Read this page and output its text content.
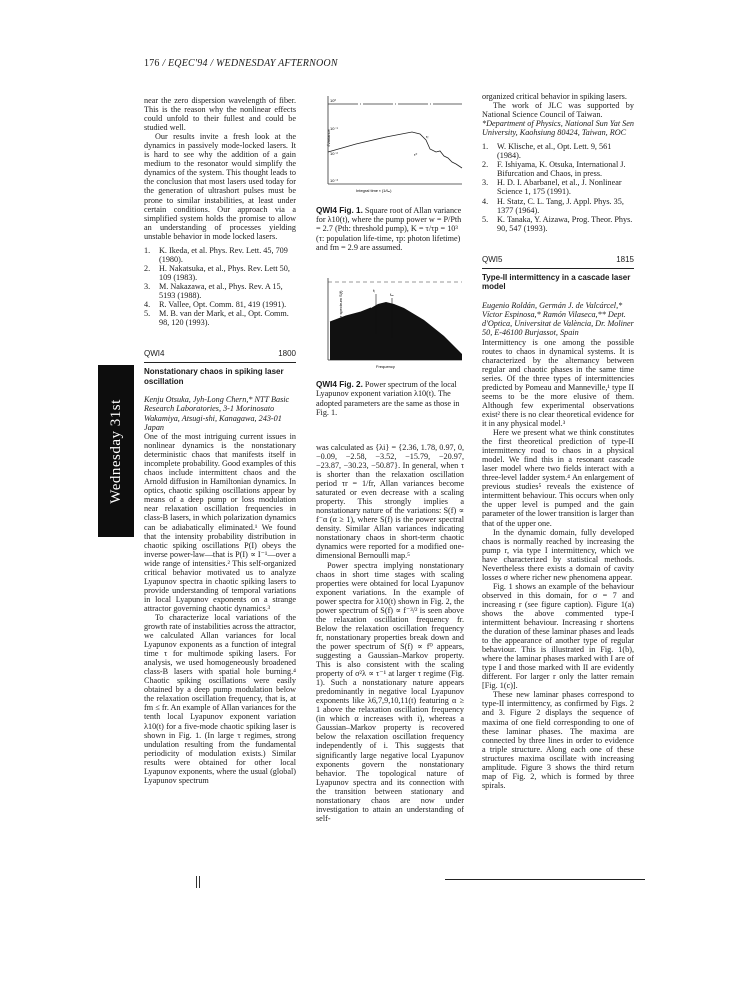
176 / EQEC'94 / WEDNESDAY AFTERNOON
Wednesday 31st

near the zero dispersion wavelength of fiber. This is the reason why the nonlinear effects could unfold to their fullest and could be studied well.

Our results invite a fresh look at the dynamics in passively mode-locked lasers. It is hard to see why the addition of a gain medium to the resonator would simplify the dynamics of the system. This thought leads to the conclusion that most lasers used today for the generation of ultrashort pulses must be prone to similar instabilities, at least under certain conditions. Our approach via a simplified system holds the promise to allow an understanding of processes yielding unstable behavior in mode locked lasers.

1. K. Ikeda, et al. Phys. Rev. Lett. 45, 709 (1980).
2. H. Nakatsuka, et al., Phys. Rev. Lett 50, 109 (1983).
3. M. Nakazawa, et al., Phys. Rev. A 15, 5193 (1988).
4. R. Vallee, Opt. Comm. 81, 419 (1991).
5. M. B. van der Mark, et al., Opt. Comm. 98, 120 (1993).
QWI4	1800
Nonstationary chaos in spiking laser oscillation
Kenju Otsuka, Jyh-Long Chern,* NTT Basic Research Laboratories, 3-1 Morinosato Wakamiya, Atsugi-shi, Kanagawa, 243-01 Japan

One of the most intriguing current issues in nonlinear dynamics is the nonstationary deterministic chaos that manifests itself in incomplete probability. Good examples of this chaos include intermittent chaos and the Arnold diffusion in Hamiltonian dynamics. In optics, chaotic spiking oscillations appear by means of a deep pump or loss modulation near relaxation oscillation frequencies in class-B lasers, in which polarization dynamics can be adiabatically eliminated.¹ We found that the intensity probability distribution in chaotic spiking oscillations P(I) obeys the inverse power-law—that is P(I) ∝ I⁻¹—over a wide range of intensities.² This self-organized critical behavior motivated us to analyze Lyapunov spectra in chaotic spiking lasers to provide understanding of temporal variations in local Lyapunov exponents on a strange attractor governing chaotic dynamics.³

To characterize local variations of the growth rate of instabilities across the attractor, we calculated Allan variances for local Lyapunov exponents as a function of integral time τ for multimode spiking lasers. For analysis, we used homogeneously broadened class-B lasers with spatial hole burning.⁴ Chaotic spiking oscillations were easily obtained by a deep pump modulation below the relaxation oscillation frequency, that is, at fm ≤ fr. An example of Allan variances for the tenth local Lyapunov exponent variation λ10(t) for a five-mode chaotic spiking laser is shown in Fig. 1. (In large τ regimes, strong undulation resulting from the fundamental periodicity of modulation exists.) Similar results were obtained for other local Lyapunov exponents, where the usual (global) Lyapunov spectrum

10⁰
10⁻¹
10⁻²
10⁻³
√Variance	τᵣ
τ⁰
Integral time τ (1/fₘ)
QWI4 Fig. 1. Square root of Allan variance for λ10(t), where the pump power w = P/Pth = 2.7 (Pth: threshold pump), K = τ/τp = 10³ (τ: population life-time, τp: photon lifetime) and fm = 2.9 are assumed.
Power spectrum S(f)
fᵣ
fₘ
Frequency
QWI4 Fig. 2. Power spectrum of the local Lyapunov exponent variation λ10(t). The adopted parameters are the same as those in Fig. 1.

was calculated as {λi} = {2.36, 1.78, 0.97, 0, −0.09, −2.58, −3.52, −15.79, −20.97, −23.87, −30.23, −50.87}. In general, when τ is shorter than the relaxation oscillation period τr = 1/fr, Allan variances become saturated or even decrease with a scaling property. This strongly implies a nonstationary nature of the variations: S(f) ∝ f⁻α (α ≥ 1), where S(f) is the power spectral density. Similar Allan variances indicating nonstationary chaos in short-term chaotic dynamics were reported for a modified one-dimensional Bernoulli map.⁵

Power spectra implying nonstationary chaos in short time stages with scaling properties were obtained for local Lyapunov exponent variations. In the example of power spectra for λ10(t) shown in Fig. 2, the power spectrum of S(f) ∝ f⁻³/² is seen above the relaxation oscillation frequency fr. Below the relaxation oscillation frequency fr, nonstationary properties break down and the power spectrum of S(f) ∝ f⁰ appears, suggesting a Gaussian–Markov property. This is also consistent with the scaling property of σ²λ ∝ τ⁻¹ at larger τ regime (Fig. 1). Such a nonstationary nature appears predominantly in negative local Lyapunov exponents like λ6,7,9,10,11(t) featuring α ≥ 1 above the relaxation oscillation frequency (in which α increases with i), whereas a Gaussian–Markov property is recovered below the relaxation oscillation frequency independently of i. This suggests that significantly large negative local Lyapunov exponents govern the nonstationary behavior. The topological nature of Lyapunov spectra and its connection with the transition between stationary and nonstationary chaos are now under investigation to attain an understanding of self-

organized critical behavior in spiking lasers.

The work of JLC was supported by National Science Council of Taiwan.

*Department of Physics, National Sun Yat Sen University, Kaohsiung 80424, Taiwan, ROC

1. W. Klische, et al., Opt. Lett. 9, 561 (1984).
2. F. Ishiyama, K. Otsuka, International J. Bifurcation and Chaos, in press.
3. H. D. I. Abarbanel, et al., J. Nonlinear Science 1, 175 (1991).
4. H. Statz, C. L. Tang, J. Appl. Phys. 35, 1377 (1964).
5. K. Tanaka, Y. Aizawa, Prog. Theor. Phys. 90, 547 (1993).
QWI5	1815
Type-II intermittency in a cascade laser model
Eugenio Roldán, Germán J. de Valcárcel,* Víctor Espinosa,* Ramón Vilaseca,** Dept. d'Optica, Universitat de València, Dr. Moliner 50, E-46100 Burjassot, Spain

Intermittency is one among the possible routes to chaos in dynamical systems. It is characterized by the alternancy between regular and chaotic phases in the same time series. Of the three types of intermittencies predicted by Pomeau and Manneville,¹ type II seems to be the more elusive of them. Although few experimental observations exist² there is no clear theoretical evidence for it in any physical model.³

Here we present what we think constitutes the first theoretical prediction of type-II intermittency road to chaos in a physical model. We find this in a resonant cascade laser model where two fields interact with a three-level ladder system.⁴ An enlargement of previous studies⁵ reveals the existence of intermittent behaviour. This occurs when only the upper level is pumped and the gain parameter of the lower transition is larger than that of the upper one.

In the dynamic domain, fully developed chaos is normally reached by increasing the pump r, via type I intermittency, which we have characterized by statistical methods. Nevertheless there exists a domain of cavity losses σ where richer new phenomena appear.

Fig. 1 shows an example of the behaviour observed in this domain, for σ = 7 and increasing r (see figure caption). Figure 1(a) shows the above commented type-I intermittent behaviour. Increasing r shortens the duration of these laminar phases and leads to the appearance of another type of regular behaviour. This is illustrated in Fig. 1(b), where the laminar phases marked with I are of type I and those marked with II are evidently different. For larger r only the latter remain [Fig. 1(c)].

These new laminar phases correspond to type-II intermittency, as confirmed by Figs. 2 and 3. Figure 2 displays the sequence of maxima of one field corresponding to one of these laminar phases. The maxima are connected by three lines in order to evidence a triple structure. Along each one of these structures maxima oscillate with increasing amplitude. Figure 3 shows the third return map of Fig. 2, which is formed by three spirals.
